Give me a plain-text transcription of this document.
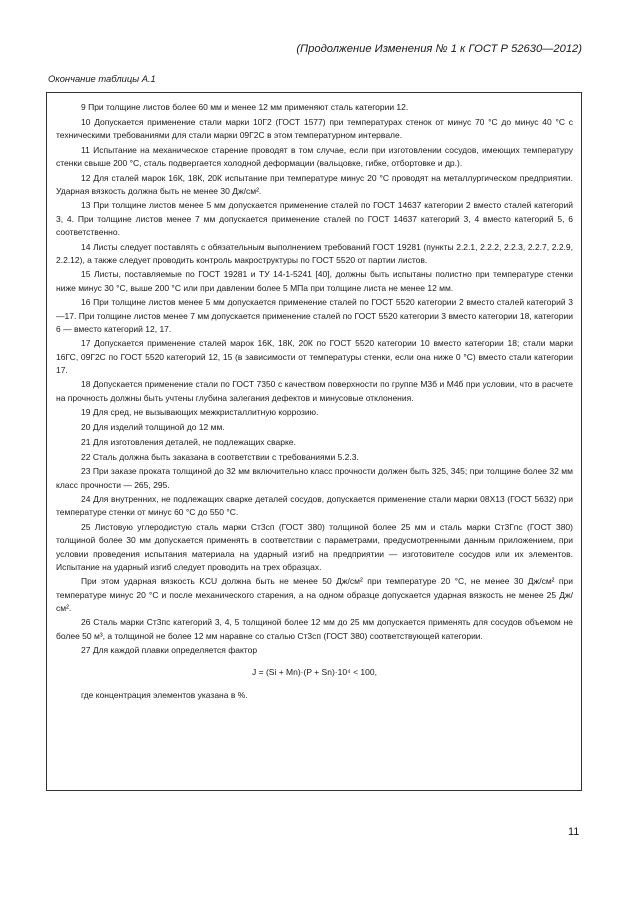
(Продолжение Изменения № 1 к ГОСТ Р 52630—2012)
Окончание таблицы А.1

9 При толщине листов более 60 мм и менее 12 мм применяют сталь категории 12.

10 Допускается применение стали марки 10Г2 (ГОСТ 1577) при температурах стенок от минус 70 °С до минус 40 °С с техническими требованиями для стали марки 09Г2С в этом температурном интервале.

11 Испытание на механическое старение проводят в том случае, если при изготовлении сосудов, имеющих температуру стенки свыше 200 °С, сталь подвергается холодной деформации (вальцовке, гибке, отбортовке и др.).

12 Для сталей марок 16К, 18К, 20К испытание при температуре минус 20 °С проводят на металлургическом предприятии. Ударная вязкость должна быть не менее 30 Дж/см².

13 При толщине листов менее 5 мм допускается применение сталей по ГОСТ 14637 категории 2 вместо сталей категорий 3, 4. При толщине листов менее 7 мм допускается применение сталей по ГОСТ 14637 категорий 3, 4 вместо категорий 5, 6 соответственно.

14 Листы следует поставлять с обязательным выполнением требований ГОСТ 19281 (пункты 2.2.1, 2.2.2, 2.2.3, 2.2.7, 2.2.9, 2.2.12), а также следует проводить контроль макроструктуры по ГОСТ 5520 от партии листов.

15 Листы, поставляемые по ГОСТ 19281 и ТУ 14-1-5241 [40], должны быть испытаны полистно при температуре стенки ниже минус 30 °С, выше 200 °С или при давлении более 5 МПа при толщине листа не менее 12 мм.

16 При толщине листов менее 5 мм допускается применение сталей по ГОСТ 5520 категории 2 вместо сталей категорий 3—17. При толщине листов менее 7 мм допускается применение сталей по ГОСТ 5520 категории 3 вместо категории 18, категории 6 — вместо категорий 12, 17.

17 Допускается применение сталей марок 16К, 18К, 20К по ГОСТ 5520 категории 10 вместо категории 18; стали марки 16ГС, 09Г2С по ГОСТ 5520 категорий 12, 15 (в зависимости от температуры стенки, если она ниже 0 °С) вместо стали категории 17.

18 Допускается применение стали по ГОСТ 7350 с качеством поверхности по группе М3б и М4б при условии, что в расчете на прочность должны быть учтены глубина залегания дефектов и минусовые отклонения.

19 Для сред, не вызывающих межкристаллитную коррозию.

20 Для изделий толщиной до 12 мм.

21 Для изготовления деталей, не подлежащих сварке.

22 Сталь должна быть заказана в соответствии с требованиями 5.2.3.

23 При заказе проката толщиной до 32 мм включительно класс прочности должен быть 325, 345; при толщине более 32 мм класс прочности — 265, 295.

24 Для внутренних, не подлежащих сварке деталей сосудов, допускается применение стали марки 08Х13 (ГОСТ 5632) при температуре стенки от минус 60 °С до 550 °С.

25 Листовую углеродистую сталь марки Ст3сп (ГОСТ 380) толщиной более 25 мм и сталь марки Ст3Гпс (ГОСТ 380) толщиной более 30 мм допускается применять в соответствии с параметрами, предусмотренными данным приложением, при условии проведения испытания материала на ударный изгиб на предприятии — изготовителе сосудов или их элементов. Испытание на ударный изгиб следует проводить на трех образцах.

При этом ударная вязкость KCU должна быть не менее 50 Дж/см² при температуре 20 °С, не менее 30 Дж/см² при температуре минус 20 °С и после механического старения, а на одном образце допускается ударная вязкость не менее 25 Дж/см².

26 Сталь марки Ст3пс категорий 3, 4, 5 толщиной более 12 мм до 25 мм допускается применять для сосудов объемом не более 50 м³, а толщиной не более 12 мм наравне со сталью Ст3сп (ГОСТ 380) соответствующей категории.

27 Для каждой плавки определяется фактор

J = (Si + Mn)·(P + Sn)·10⁴ < 100,

где концентрация элементов указана в %.

11
